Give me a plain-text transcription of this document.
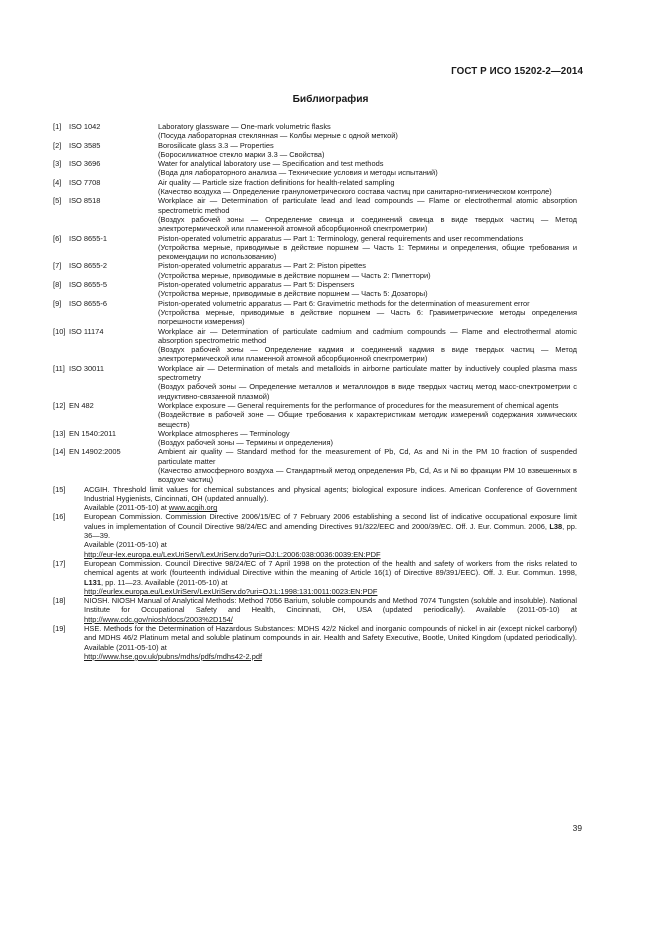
ГОСТ Р ИСО 15202-2—2014
Библиография
[1]	ISO 1042	Laboratory glassware — One-mark volumetric flasks
(Посуда лабораторная стеклянная — Колбы мерные с одной меткой)
[2]	ISO 3585	Borosilicate glass 3.3 — Properties
(Боросиликатное стекло марки 3.3 — Свойства)
[3]	ISO 3696	Water for analytical laboratory use — Specification and test methods
(Вода для лабораторного анализа — Технические условия и методы испытаний)
[4]	ISO 7708	Air quality — Particle size fraction definitions for health-related sampling
(Качество воздуха — Определение гранулометрического состава частиц при санитарно-гигиеническом контроле)
[5]	ISO 8518	Workplace air — Determination of particulate lead and lead compounds — Flame or electrothermal atomic absorption spectrometric method
(Воздух рабочей зоны — Определение свинца и соединений свинца в виде твердых частиц — Метод электротермической или пламенной атомной абсорбционной спектрометрии)
[6]	ISO 8655-1	Piston-operated volumetric apparatus — Part 1: Terminology, general requirements and user recommendations
(Устройства мерные, приводимые в действие поршнем — Часть 1: Термины и определения, общие требования и рекомендации по использованию)
[7]	ISO 8655-2	Piston-operated volumetric apparatus — Part 2: Piston pipettes
(Устройства мерные, приводимые в действие поршнем — Часть 2: Пипеттори)
[8]	ISO 8655-5	Piston-operated volumetric apparatus — Part 5: Dispensers
(Устройства мерные, приводимые в действие поршнем — Часть 5: Дозаторы)
[9]	ISO 8655-6	Piston-operated volumetric apparatus — Part 6: Gravimetric methods for the determination of measurement error
(Устройства мерные, приводимые в действие поршнем — Часть 6: Гравиметрические методы определения погрешности измерения)
[10] ISO 11174	Workplace air — Determination of particulate cadmium and cadmium compounds — Flame and electrothermal atomic absorption spectrometric method
(Воздух рабочей зоны — Определение кадмия и соединений кадмия в виде твердых частиц — Метод электротермической или пламенной атомной абсорбционной спектрометрии)
[11] ISO 30011	Workplace air — Determination of metals and metalloids in airborne particulate matter by inductively coupled plasma mass spectrometry
(Воздух рабочей зоны — Определение металлов и металлоидов в виде твердых частиц метод масс-спектрометрии с индуктивно-связанной плазмой)
[12] EN 482	Workplace exposure — General requirements for the performance of procedures for the measurement of chemical agents
(Воздействие в рабочей зоне — Общие требования к характеристикам методик измерений содержания химических веществ)
[13] EN 1540:2011	Workplace atmospheres — Terminology
(Воздух рабочей зоны — Термины и определения)
[14] EN 14902:2005	Ambient air quality — Standard method for the measurement of Pb, Cd, As and Ni in the PM 10 fraction of suspended particulate matter
(Качество атмосферного воздуха — Стандартный метод определения Pb, Cd, As и Ni во фракции PM 10 взвешенных в воздухе частиц)
[15]	ACGIH. Threshold limit values for chemical substances and physical agents; biological exposure indices. American Conference of Government Industrial Hygienists, Cincinnati, OH (updated annually).
Available (2011-05-10) at www.acgih.org
[16]	European Commission. Commission Directive 2006/15/EC of 7 February 2006 establishing a second list of indicative occupational exposure limit values in implementation of Council Directive 98/24/EC and amending Directives 91/322/EEC and 2000/39/EC. Off. J. Eur. Commun. 2006, L38, pp. 36—39.
Available (2011-05-10) at
http://eur-lex.europa.eu/LexUriServ/LexUriServ.do?uri=OJ:L:2006:038:0036:0039:EN:PDF
[17]	European Commission. Council Directive 98/24/EC of 7 April 1998 on the protection of the health and safety of workers from the risks related to chemical agents at work (fourteenth individual Directive within the meaning of Article 16(1) of Directive 89/391/EEC). Off. J. Eur. Commun. 1998, L131, pp. 11—23. Available (2011-05-10) at
http://eurlex.europa.eu/LexUriServ/LexUriServ.do?uri=OJ:L:1998:131:0011:0023:EN:PDF
[18]	NIOSH. NIOSH Manual of Analytical Methods: Method 7056 Barium, soluble compounds and Method 7074 Tungsten (soluble and insoluble). National Institute for Occupational Safety and Health, Cincinnati, OH, USA (updated periodically). Available (2011-05-10) at http://www.cdc.gov/niosh/docs/2003%2D154/
[19]	HSE. Methods for the Determination of Hazardous Substances: MDHS 42/2 Nickel and inorganic compounds of nickel in air (except nickel carbonyl) and MDHS 46/2 Platinum metal and soluble platinum compounds in air. Health and Safety Executive, Bootle, United Kingdom (updated periodically). Available (2011-05-10) at
http://www.hse.gov.uk/pubns/mdhs/pdfs/mdhs42-2.pdf
39
